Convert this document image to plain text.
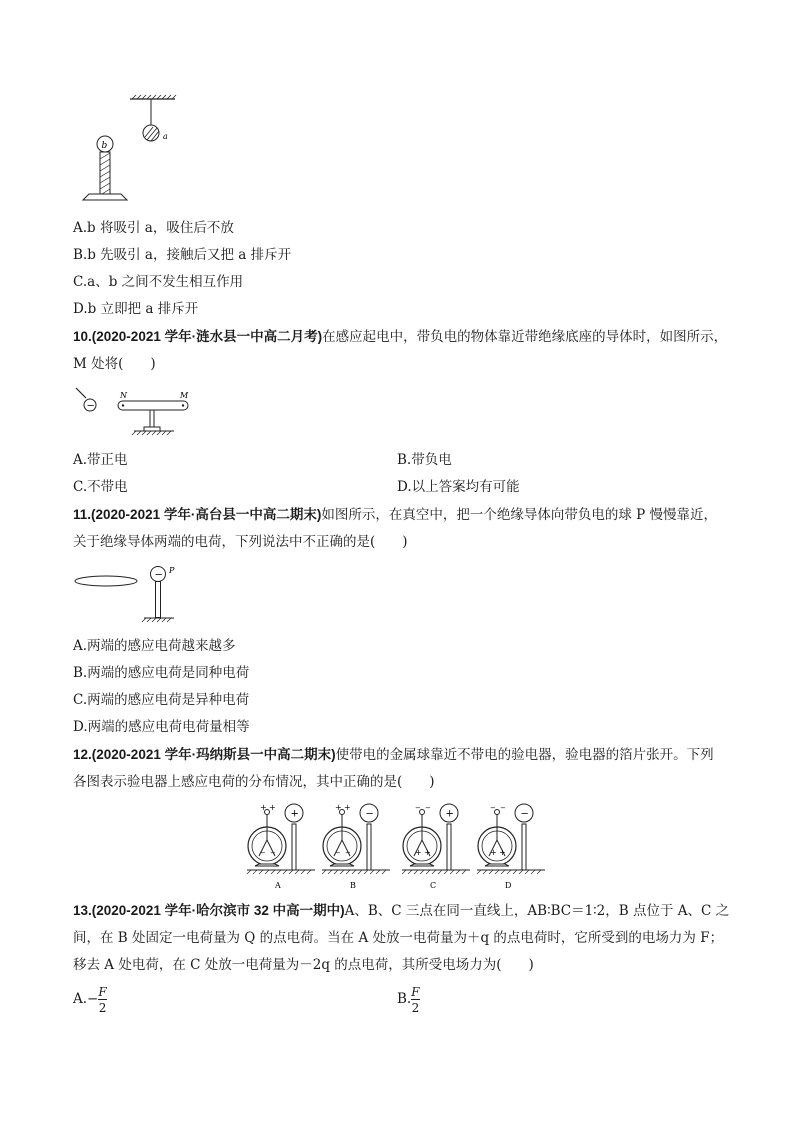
a
b
A.b 将吸引 a，吸住后不放
B.b 先吸引 a，接触后又把 a 排斥开
C.a、b 之间不发生相互作用
D.b 立即把 a 排斥开
10.(2020-2021 学年·涟水县一中高二月考)在感应起电中，带负电的物体靠近带绝缘底座的导体时，如图所示，
M 处将(　　)
−
N	M
A.带正电	B.带负电
C.不带电	D.以上答案均有可能
11.(2020-2021 学年·高台县一中高二期末)如图所示，在真空中，把一个绝缘导体向带负电的球 P 慢慢靠近，
关于绝缘导体两端的电荷，下列说法中不正确的是(　　)
− P
A.两端的感应电荷越来越多
B.两端的感应电荷是同种电荷
C.两端的感应电荷是异种电荷
D.两端的感应电荷电荷量相等
12.(2020-2021 学年·玛纳斯县一中高二期末)使带电的金属球靠近不带电的验电器，验电器的箔片张开。下列
各图表示验电器上感应电荷的分布情况，其中正确的是(　　)
+ +
− −
+
A
+ +
− −
−
B
− −
+ +
+
C
− −
+ +
−
D
13.(2020-2021 学年·哈尔滨市 32 中高一期中)A、B、C 三点在同一直线上，AB∶BC＝1∶2，B 点位于 A、C 之
间，在 B 处固定一电荷量为 Q 的点电荷。当在 A 处放一电荷量为＋q 的点电荷时，它所受到的电场力为 F；
移去 A 处电荷，在 C 处放一电荷量为－2q 的点电荷，其所受电场力为(　　)
$A.-\frac{F}{2}$	$B.\frac{F}{2}$
